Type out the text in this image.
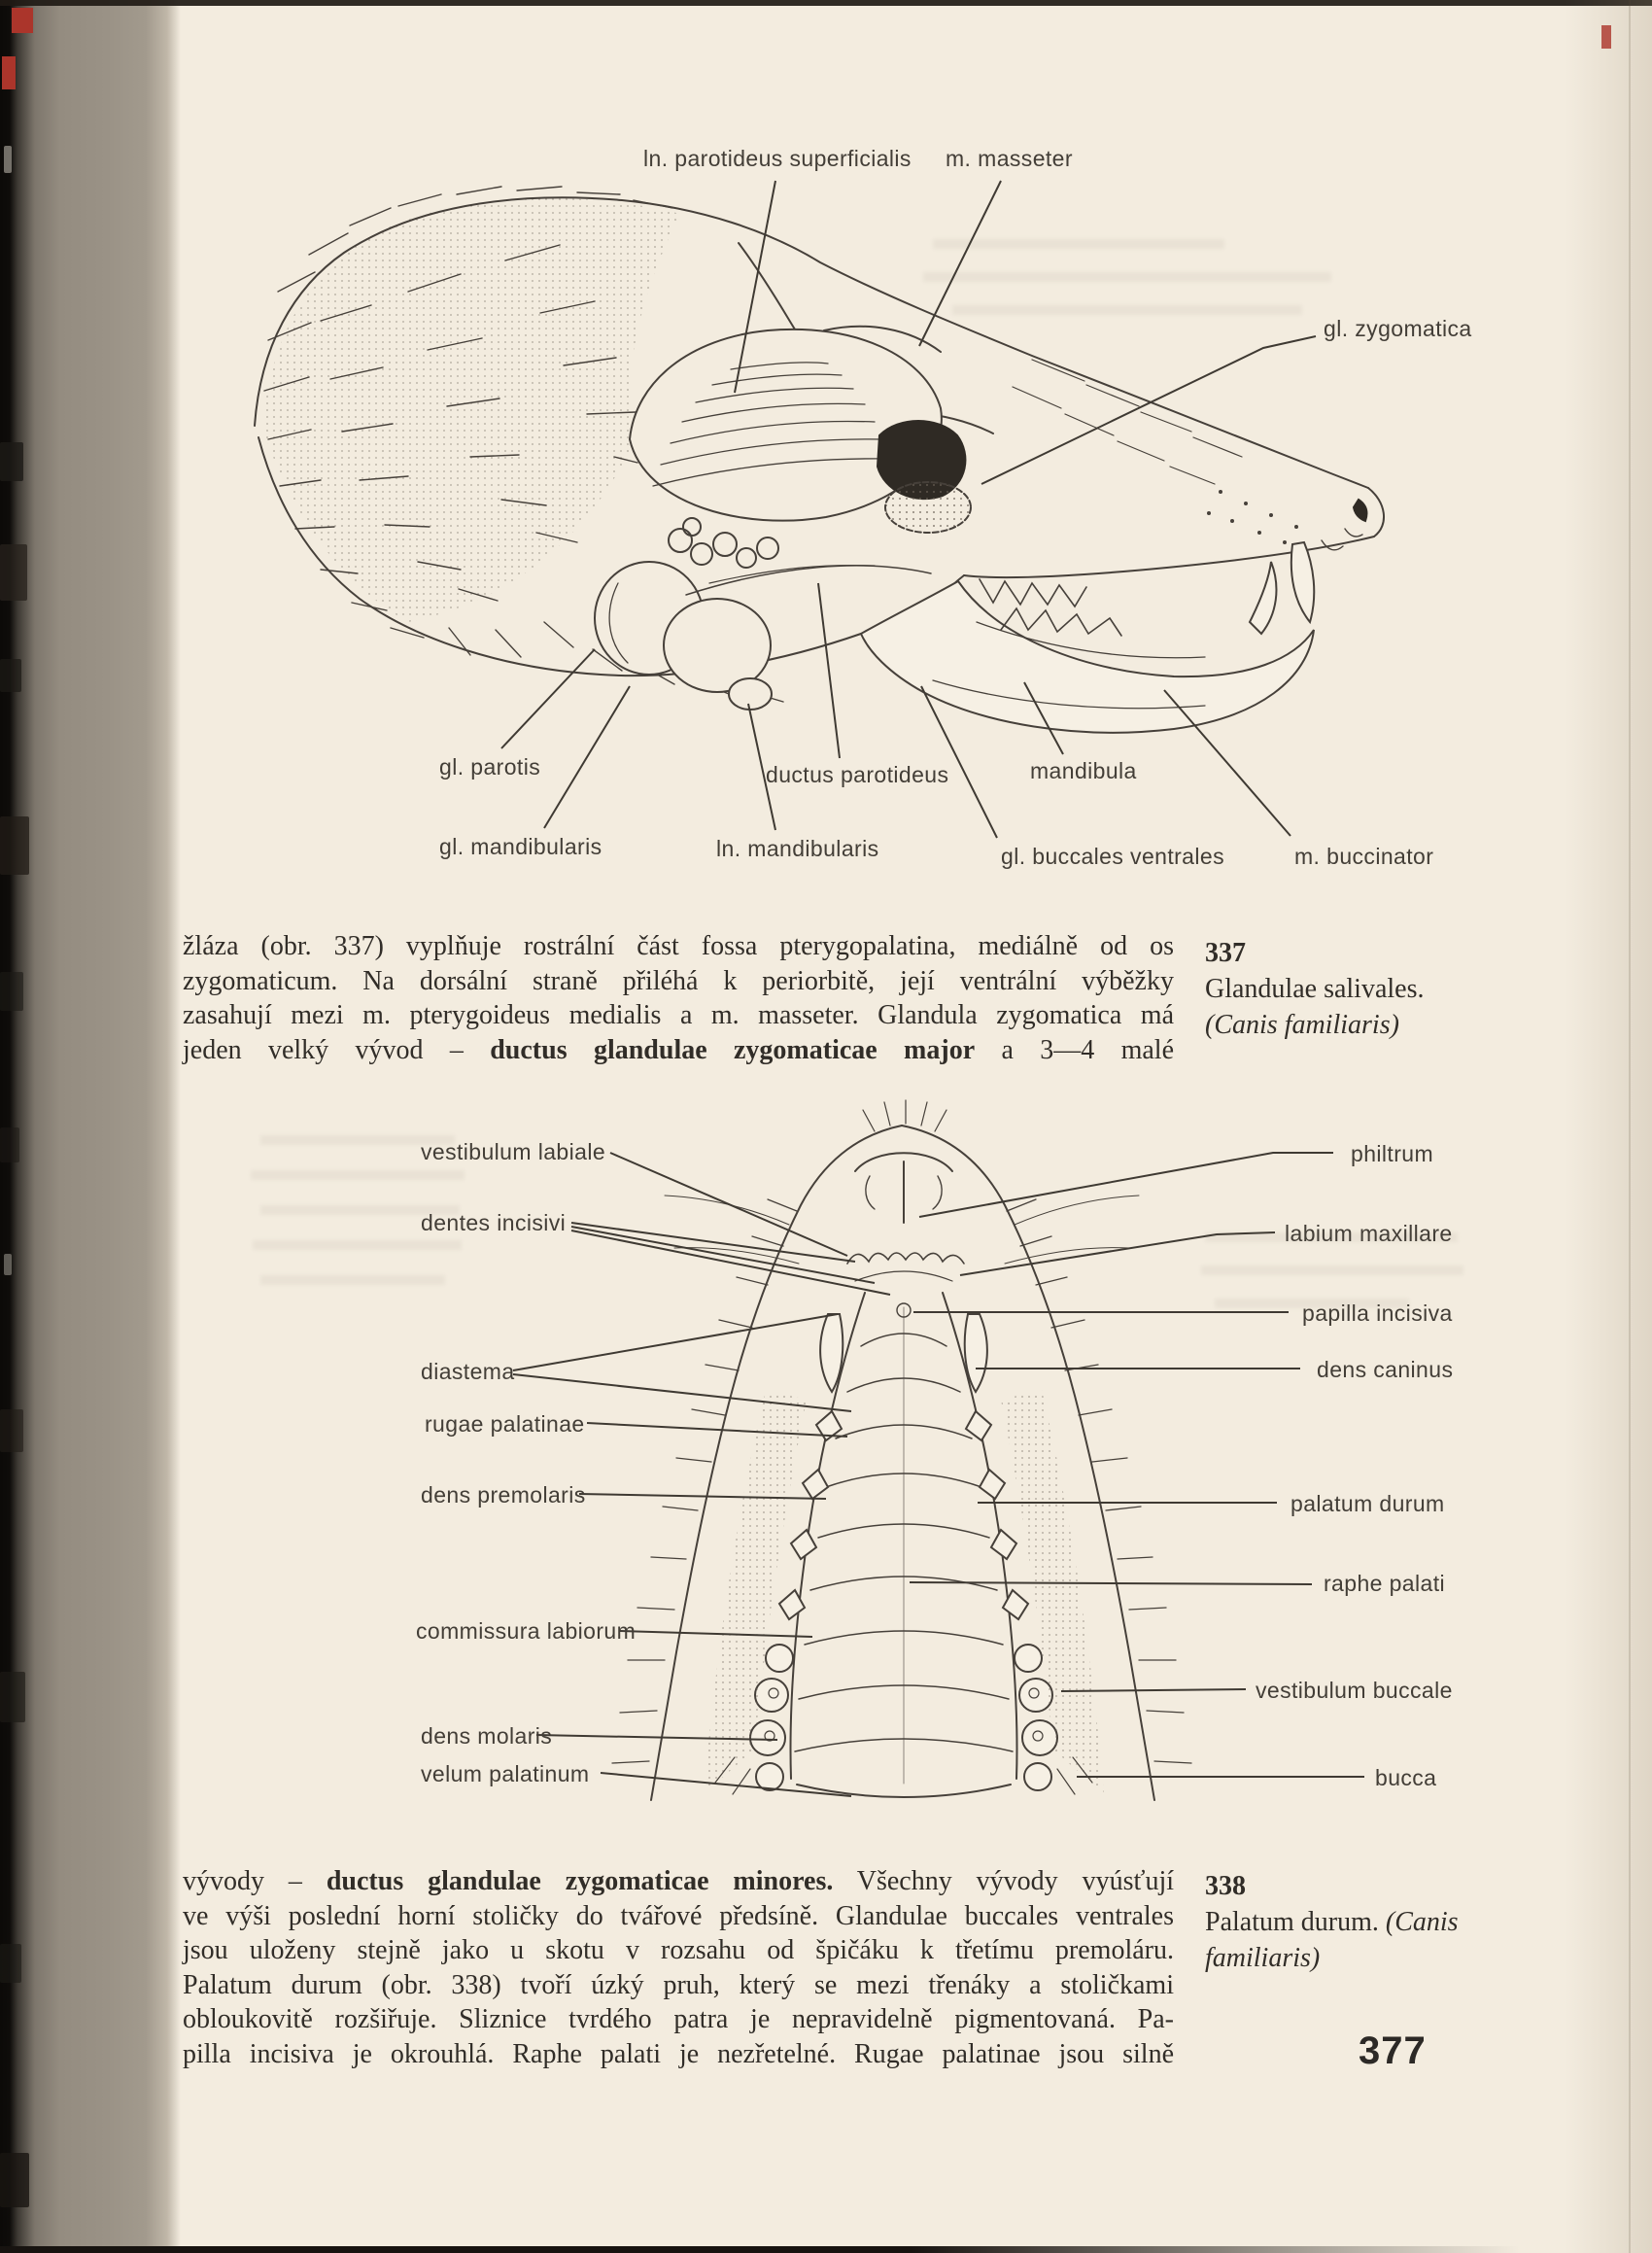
ln. parotideus superficialis m. masseter
gl. zygomatica
gl. parotis	ductus parotideus	mandibula
gl. mandibularis	ln. mandibularis	gl. buccales ventrales	m. buccinator
žláza (obr. 337) vyplňuje rostrální část fossa pterygopalatina, mediálně od os
zygomaticum. Na dorsální straně přiléhá k periorbitě, její ventrální výběžky
zasahují mezi m. pterygoideus medialis a m. masseter. Glandula zygomatica má
jeden velký vývod – ductus glandulae zygomaticae major a 3—4 malé
337
Glandulae salivales.
(Canis familiaris)
vestibulum labiale
dentes incisivi
diastema
rugae palatinae
dens premolaris
commissura labiorum
dens molaris
velum palatinum
philtrum
labium maxillare
papilla incisiva
dens caninus
palatum durum
raphe palati
vestibulum buccale
bucca
vývody – ductus glandulae zygomaticae minores. Všechny vývody vyúsťují
ve výši poslední horní stoličky do tvářové předsíně. Glandulae buccales ventrales
jsou uloženy stejně jako u skotu v rozsahu od špičáku k třetímu premoláru.
Palatum durum (obr. 338) tvoří úzký pruh, který se mezi třenáky a stoličkami
obloukovitě rozšiřuje. Sliznice tvrdého patra je nepravidelně pigmentovaná. Pa-
pilla incisiva je okrouhlá. Raphe palati je nezřetelné. Rugae palatinae jsou silně
338
Palatum durum. (Canis familiaris)
377
